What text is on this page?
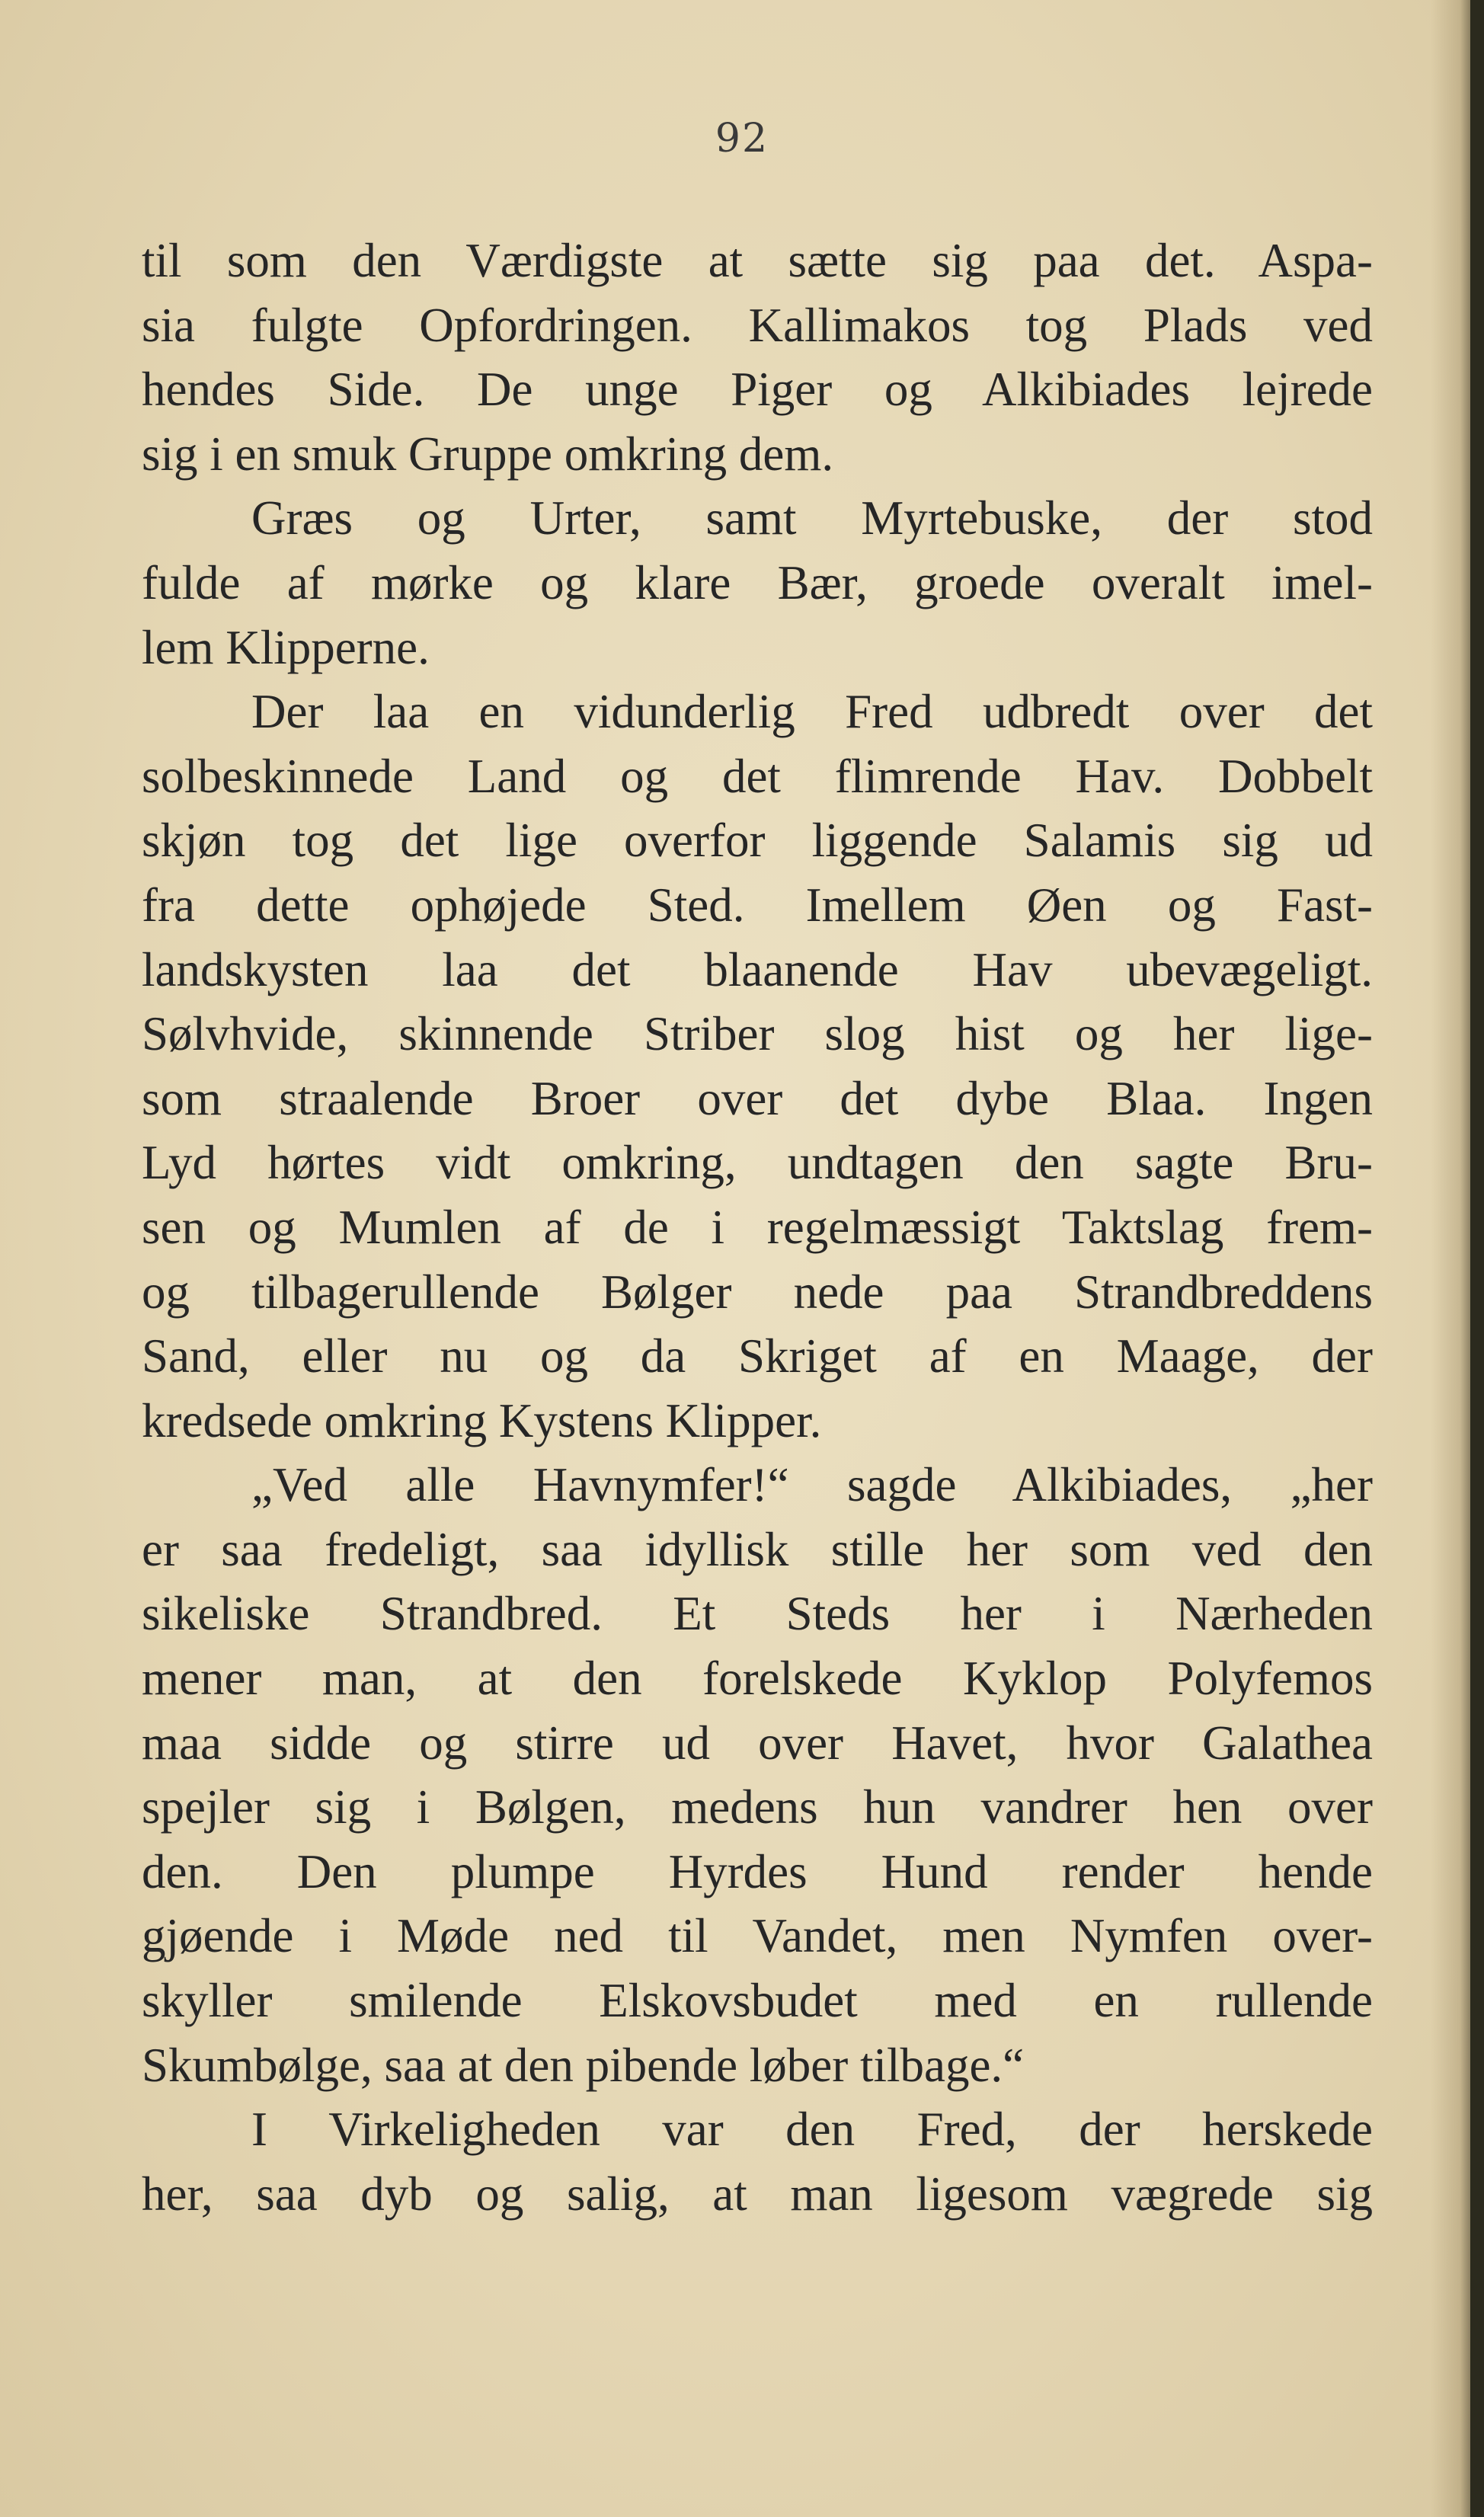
92
til som den Værdigste at sætte sig paa det. Aspa-
sia fulgte Opfordringen. Kallimakos tog Plads ved
hendes Side. De unge Piger og Alkibiades lejrede
sig i en smuk Gruppe omkring dem.
Græs og Urter, samt Myrtebuske, der stod
fulde af mørke og klare Bær, groede overalt imel-
lem Klipperne.
Der laa en vidunderlig Fred udbredt over det
solbeskinnede Land og det flimrende Hav. Dobbelt
skjøn tog det lige overfor liggende Salamis sig ud
fra dette ophøjede Sted. Imellem Øen og Fast-
landskysten laa det blaanende Hav ubevægeligt.
Sølvhvide, skinnende Striber slog hist og her lige-
som straalende Broer over det dybe Blaa. Ingen
Lyd hørtes vidt omkring, undtagen den sagte Bru-
sen og Mumlen af de i regelmæssigt Taktslag frem-
og tilbagerullende Bølger nede paa Strandbreddens
Sand, eller nu og da Skriget af en Maage, der
kredsede omkring Kystens Klipper.
„Ved alle Havnymfer!“ sagde Alkibiades, „her
er saa fredeligt, saa idyllisk stille her som ved den
sikeliske Strandbred. Et Steds her i Nærheden
mener man, at den forelskede Kyklop Polyfemos
maa sidde og stirre ud over Havet, hvor Galathea
spejler sig i Bølgen, medens hun vandrer hen over
den. Den plumpe Hyrdes Hund render hende
gjøende i Møde ned til Vandet, men Nymfen over-
skyller smilende Elskovsbudet med en rullende
Skumbølge, saa at den pibende løber tilbage.“
I Virkeligheden var den Fred, der herskede
her, saa dyb og salig, at man ligesom vægrede sig
